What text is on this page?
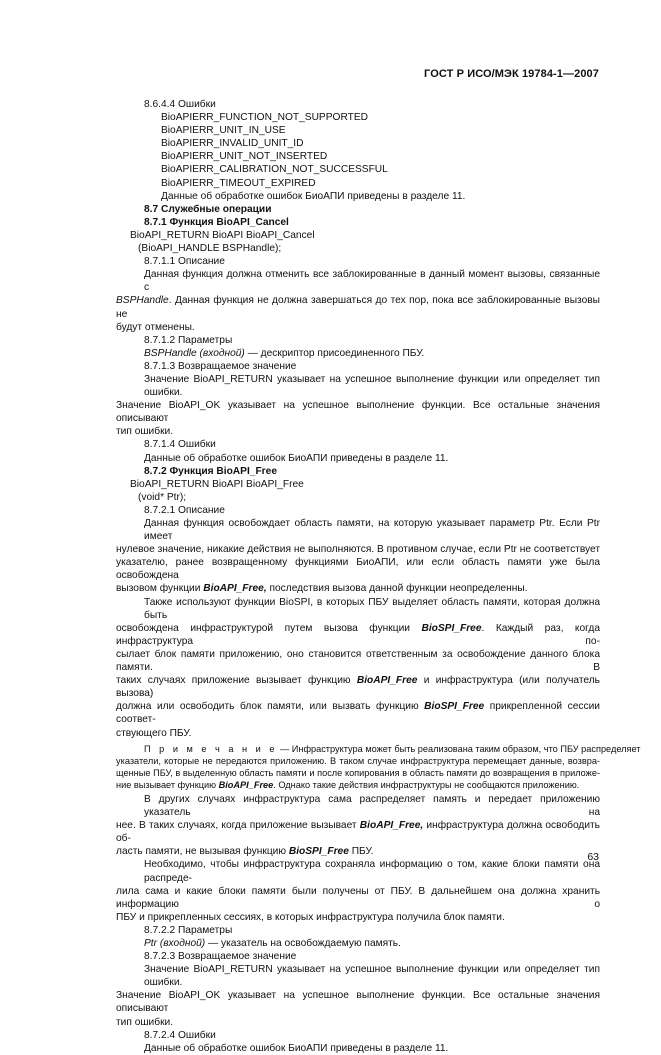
ГОСТ Р ИСО/МЭК 19784-1—2007
8.6.4.4 Ошибки
BioAPIERR_FUNCTION_NOT_SUPPORTED
BioAPIERR_UNIT_IN_USE
BioAPIERR_INVALID_UNIT_ID
BioAPIERR_UNIT_NOT_INSERTED
BioAPIERR_CALIBRATION_NOT_SUCCESSFUL
BioAPIERR_TIMEOUT_EXPIRED
Данные об обработке ошибок БиоАПИ приведены в разделе 11.
8.7 Служебные операции
8.7.1 Функция BioAPI_Cancel
BioAPI_RETURN BioAPI BioAPI_Cancel
(BioAPI_HANDLE BSPHandle);
8.7.1.1 Описание
Данная функция должна отменить все заблокированные в данный момент вызовы, связанные с
BSPHandle. Данная функция не должна завершаться до тех пор, пока все заблокированные вызовы не
будут отменены.
8.7.1.2 Параметры
BSPHandle (входной) — дескриптор присоединенного ПБУ.
8.7.1.3 Возвращаемое значение
Значение BioAPI_RETURN указывает на успешное выполнение функции или определяет тип ошибки.
Значение BioAPI_OK указывает на успешное выполнение функции. Все остальные значения описывают
тип ошибки.
8.7.1.4 Ошибки
Данные об обработке ошибок БиоАПИ приведены в разделе 11.
8.7.2 Функция BioAPI_Free
BioAPI_RETURN BioAPI BioAPI_Free
(void* Ptr);
8.7.2.1 Описание
Данная функция освобождает область памяти, на которую указывает параметр Ptr. Если Ptr имеет
нулевое значение, никакие действия не выполняются. В противном случае, если Ptr не соответствует
указателю, ранее возвращенному функциями БиоАПИ, или если область памяти уже была освобождена
вызовом функции BioAPI_Free, последствия вызова данной функции неопределенны.
Также используют функции BioSPI, в которых ПБУ выделяет область памяти, которая должна быть
освобождена инфраструктурой путем вызова функции BioSPI_Free. Каждый раз, когда инфраструктура по-
сылает блок памяти приложению, оно становится ответственным за освобождение данного блока памяти. В
таких случаях приложение вызывает функцию BioAPI_Free и инфраструктура (или получатель вызова)
должна или освободить блок памяти, или вызвать функцию BioSPI_Free прикрепленной сессии соответ-
ствующего ПБУ.
П р и м е ч а н и е — Инфраструктура может быть реализована таким образом, что ПБУ распределяет
указатели, которые не передаются приложению. В таком случае инфраструктура перемещает данные, возвра-
щенные ПБУ, в выделенную область памяти и после копирования в область памяти до возвращения в приложе-
ние вызывает функцию BioAPI_Free. Однако такие действия инфраструктуры не сообщаются приложению.
В других случаях инфраструктура сама распределяет память и передает приложению указатель на
нее. В таких случаях, когда приложение вызывает BioAPI_Free, инфраструктура должна освободить об-
ласть памяти, не вызывая функцию BioSPI_Free ПБУ.
Необходимо, чтобы инфраструктура сохраняла информацию о том, какие блоки памяти она распреде-
лила сама и какие блоки памяти были получены от ПБУ. В дальнейшем она должна хранить информацию о
ПБУ и прикрепленных сессиях, в которых инфраструктура получила блок памяти.
8.7.2.2 Параметры
Ptr (входной) — указатель на освобождаемую память.
8.7.2.3 Возвращаемое значение
Значение BioAPI_RETURN указывает на успешное выполнение функции или определяет тип ошибки.
Значение BioAPI_OK указывает на успешное выполнение функции. Все остальные значения описывают
тип ошибки.
8.7.2.4 Ошибки
Данные об обработке ошибок БиоАПИ приведены в разделе 11.
63
